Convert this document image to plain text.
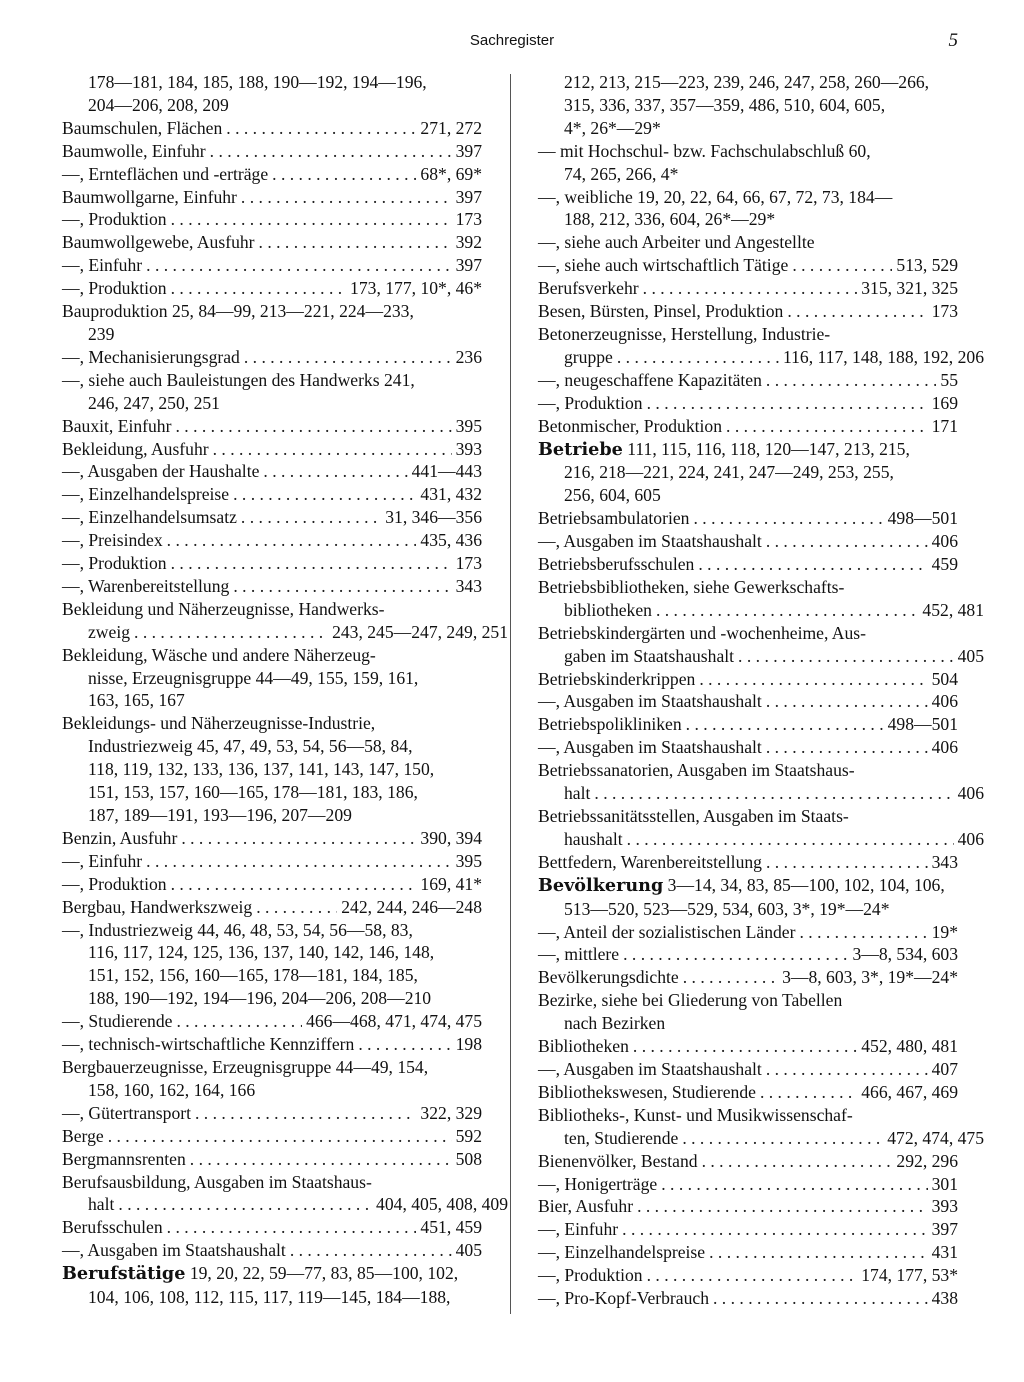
Sachregister	5
178—181, 184, 185, 188, 190—192, 194—196,
204—206, 208, 209
Baumschulen, Flächen . . .	271, 272
Baumwolle, Einfuhr . . .	397
—, Ernteflächen und -erträge . . .	68*, 69*
Baumwollgarne, Einfuhr . . .	397
—, Produktion . . .	173
Baumwollgewebe, Ausfuhr . . .	392
—, Einfuhr . . .	397
—, Produktion . . .	173, 177, 10*, 46*
Bauproduktion 25, 84—99, 213—221, 224—233,
239
—, Mechanisierungsgrad . . .	236
—, siehe auch Bauleistungen des Handwerks 241,
246, 247, 250, 251
Bauxit, Einfuhr . . .	395
Bekleidung, Ausfuhr . . .	393
—, Ausgaben der Haushalte . . .	441—443
—, Einzelhandelspreise . . .	431, 432
—, Einzelhandelsumsatz . . .	31, 346—356
—, Preisindex . . .	435, 436
—, Produktion . . .	173
—, Warenbereitstellung . . .	343
Bekleidung und Näherzeugnisse, Handwerks-
zweig . . .	243, 245—247, 249, 251
Bekleidung, Wäsche und andere Näherzeug-
nisse, Erzeugnisgruppe 44—49, 155, 159, 161,
163, 165, 167
Bekleidungs- und Näherzeugnisse-Industrie,
Industriezweig 45, 47, 49, 53, 54, 56—58, 84,
118, 119, 132, 133, 136, 137, 141, 143, 147, 150,
151, 153, 157, 160—165, 178—181, 183, 186,
187, 189—191, 193—196, 207—209
Benzin, Ausfuhr . . .	390, 394
—, Einfuhr . . .	395
—, Produktion . . .	169, 41*
Bergbau, Handwerkszweig . . .	242, 244, 246—248
—, Industriezweig 44, 46, 48, 53, 54, 56—58, 83,
116, 117, 124, 125, 136, 137, 140, 142, 146, 148,
151, 152, 156, 160—165, 178—181, 184, 185,
188, 190—192, 194—196, 204—206, 208—210
—, Studierende . . .	466—468, 471, 474, 475
—, technisch-wirtschaftliche Kennziffern . . .	198
Bergbauerzeugnisse, Erzeugnisgruppe 44—49, 154,
158, 160, 162, 164, 166
—, Gütertransport . . .	322, 329
Berge . . .	592
Bergmannsrenten . . .	508
Berufsausbildung, Ausgaben im Staatshaus-
halt . . .	404, 405, 408, 409
Berufsschulen . . .	451, 459
—, Ausgaben im Staatshaushalt . . .	405
Berufstätige 19, 20, 22, 59—77, 83, 85—100, 102,
104, 106, 108, 112, 115, 117, 119—145, 184—188,
212, 213, 215—223, 239, 246, 247, 258, 260—266,
315, 336, 337, 357—359, 486, 510, 604, 605,
4*, 26*—29*
— mit Hochschul- bzw. Fachschulabschluß 60,
74, 265, 266, 4*
—, weibliche 19, 20, 22, 64, 66, 67, 72, 73, 184—
188, 212, 336, 604, 26*—29*
—, siehe auch Arbeiter und Angestellte
—, siehe auch wirtschaftlich Tätige . . .	513, 529
Berufsverkehr . . .	315, 321, 325
Besen, Bürsten, Pinsel, Produktion . . .	173
Betonerzeugnisse, Herstellung, Industrie-
gruppe . . .	116, 117, 148, 188, 192, 206
—, neugeschaffene Kapazitäten . . .	55
—, Produktion . . .	169
Betonmischer, Produktion . . .	171
Betriebe 111, 115, 116, 118, 120—147, 213, 215,
216, 218—221, 224, 241, 247—249, 253, 255,
256, 604, 605
Betriebsambulatorien . . .	498—501
—, Ausgaben im Staatshaushalt . . .	406
Betriebsberufsschulen . . .	459
Betriebsbibliotheken, siehe Gewerkschafts-
bibliotheken . . .	452, 481
Betriebskindergärten und -wochenheime, Aus-
gaben im Staatshaushalt . . .	405
Betriebskinderkrippen . . .	504
—, Ausgaben im Staatshaushalt . . .	406
Betriebspolikliniken . . .	498—501
—, Ausgaben im Staatshaushalt . . .	406
Betriebssanatorien, Ausgaben im Staatshaus-
halt . . .	406
Betriebssanitätsstellen, Ausgaben im Staats-
haushalt . . .	406
Bettfedern, Warenbereitstellung . . .	343
Bevölkerung 3—14, 34, 83, 85—100, 102, 104, 106,
513—520, 523—529, 534, 603, 3*, 19*—24*
—, Anteil der sozialistischen Länder . . .	19*
—, mittlere . . .	3—8, 534, 603
Bevölkerungsdichte . . .	3—8, 603, 3*, 19*—24*
Bezirke, siehe bei Gliederung von Tabellen
nach Bezirken
Bibliotheken . . .	452, 480, 481
—, Ausgaben im Staatshaushalt . . .	407
Bibliothekswesen, Studierende . . .	466, 467, 469
Bibliotheks-, Kunst- und Musikwissenschaf-
ten, Studierende . . .	472, 474, 475
Bienenvölker, Bestand . . .	292, 296
—, Honigerträge . . .	301
Bier, Ausfuhr . . .	393
—, Einfuhr . . .	397
—, Einzelhandelspreise . . .	431
—, Produktion . . .	174, 177, 53*
—, Pro-Kopf-Verbrauch . . .	438
